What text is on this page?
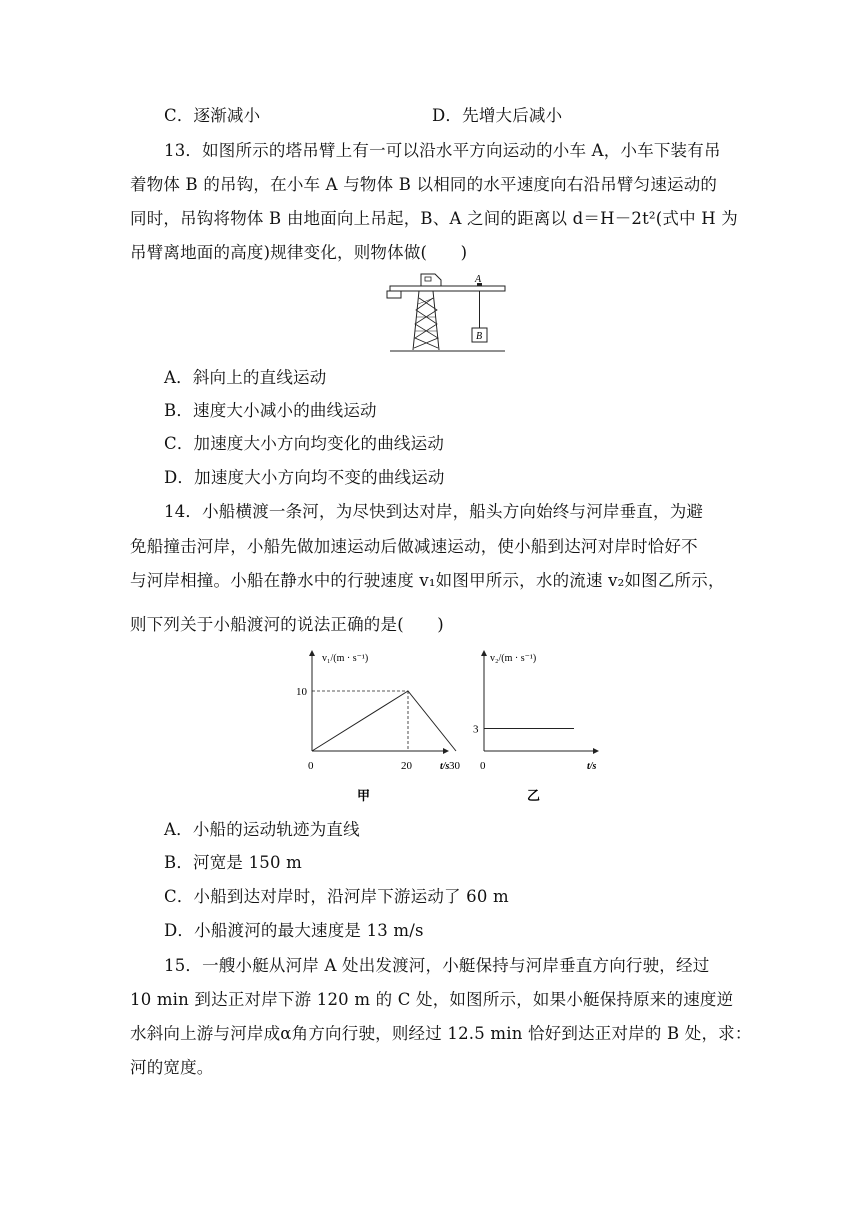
C．逐渐减小	D．先增大后减小
13．如图所示的塔吊臂上有一可以沿水平方向运动的小车 A，小车下装有吊
着物体 B 的吊钩，在小车 A 与物体 B 以相同的水平速度向右沿吊臂匀速运动的
同时，吊钩将物体 B 由地面向上吊起，B、A 之间的距离以 d＝H－2t²(式中 H 为
吊臂离地面的高度)规律变化，则物体做(　　)
A
B
A．斜向上的直线运动
B．速度大小减小的曲线运动
C．加速度大小方向均变化的曲线运动
D．加速度大小方向均不变的曲线运动
14．小船横渡一条河，为尽快到达对岸，船头方向始终与河岸垂直，为避
免船撞击河岸，小船先做加速运动后做减速运动，使小船到达河对岸时恰好不
与河岸相撞。小船在静水中的行驶速度 v₁如图甲所示，水的流速 v₂如图乙所示，
则下列关于小船渡河的说法正确的是(　　)
v₁/(m · s⁻¹)
t/s
0	20	30
10
甲
v₂/(m · s⁻¹)
t/s
0
3
乙
A．小船的运动轨迹为直线
B．河宽是 150 m
C．小船到达对岸时，沿河岸下游运动了 60 m
D．小船渡河的最大速度是 13 m/s
15．一艘小艇从河岸 A 处出发渡河，小艇保持与河岸垂直方向行驶，经过
10 min 到达正对岸下游 120 m 的 C 处，如图所示，如果小艇保持原来的速度逆
水斜向上游与河岸成α角方向行驶，则经过 12.5 min 恰好到达正对岸的 B 处，求：
河的宽度。
